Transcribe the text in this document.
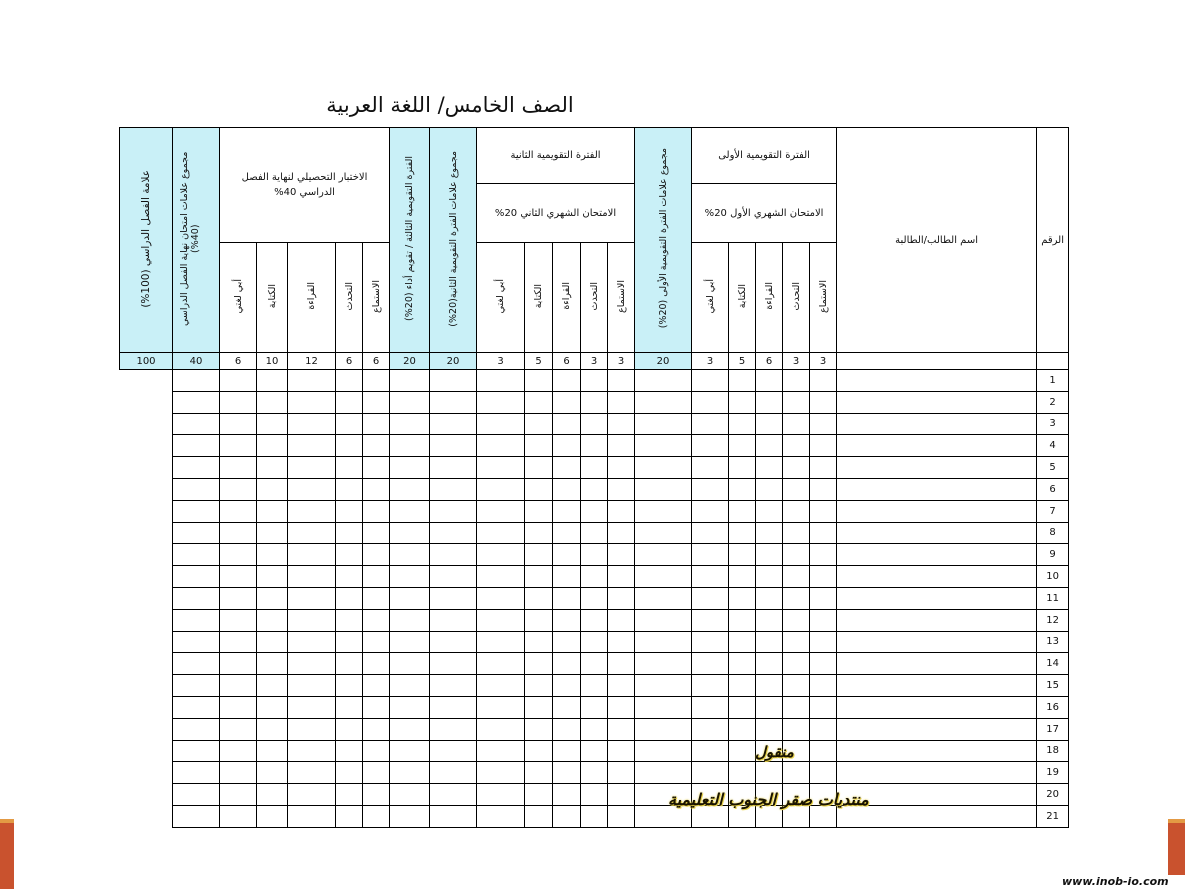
الصف الخامس/ اللغة العربية
علامة الفصل الدراسي (100%)	مجموع علامات امتحان نهاية الفصل الدراسي (40%)	الاختبار التحصيلي لنهاية الفصل الدراسي 40%					الفترة التقويمية الثالثة / تقويم أداء (20%)	مجموع علامات الفترة التقويمية الثانية(20%)	الفترة التقويمية الثانية					مجموع علامات الفترة التقويمية الأولى (20%)	الفترة التقويمية الأولى					اسم الطالب/الطالبة	الرقم

									الامتحان الشهري الثاني 20%						الامتحان الشهري الأول 20%						

		أبي لغتي	الكتابة	القراءة	التحدث	الاستماع			أبي لغتي	الكتابة	القراءة	التحدث	الاستماع		أبي لغتي	الكتابة	القراءة	التحدث	الاستماع		
100	40	6	10	12	6	6	20	20	3	5	6	3	3	20	3	5	6	3	3		
																					1
																					2
																					3
																					4
																					5
																					6
																					7
																					8
																					9
																					10
																					11
																					12
																					13
																					14
																					15
																					16
																					17
																					18
																					19
																					20
																					21
منقول
منتديات صقر الجنوب التعليمية
www.inob-io.com
